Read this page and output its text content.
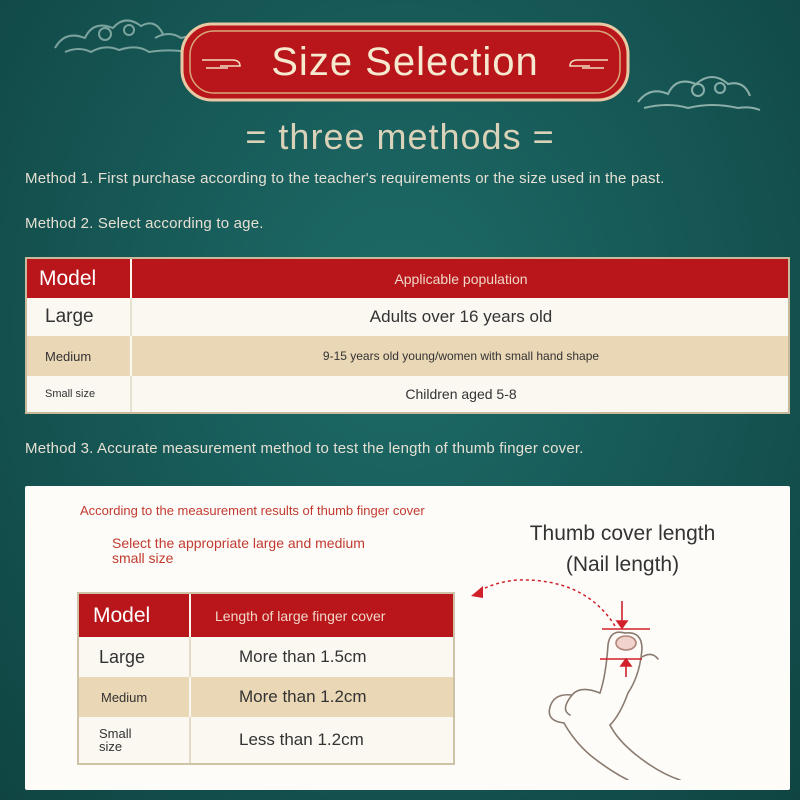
Size Selection
= three methods =
Method 1. First purchase according to the teacher's requirements or the size used in the past.
Method 2. Select according to age.
Model	Applicable population
Large	Adults over 16 years old
Medium	9-15 years old young/women with small hand shape
Small size	Children aged 5-8
Method 3. Accurate measurement method to test the length of thumb finger cover.
According to the measurement results of thumb finger cover
Select the appropriate large and medium small size
Thumb cover length
(Nail length)
Model	Length of large finger cover
Large	More than 1.5cm
Medium	More than 1.2cm
Small
size	Less than 1.2cm
